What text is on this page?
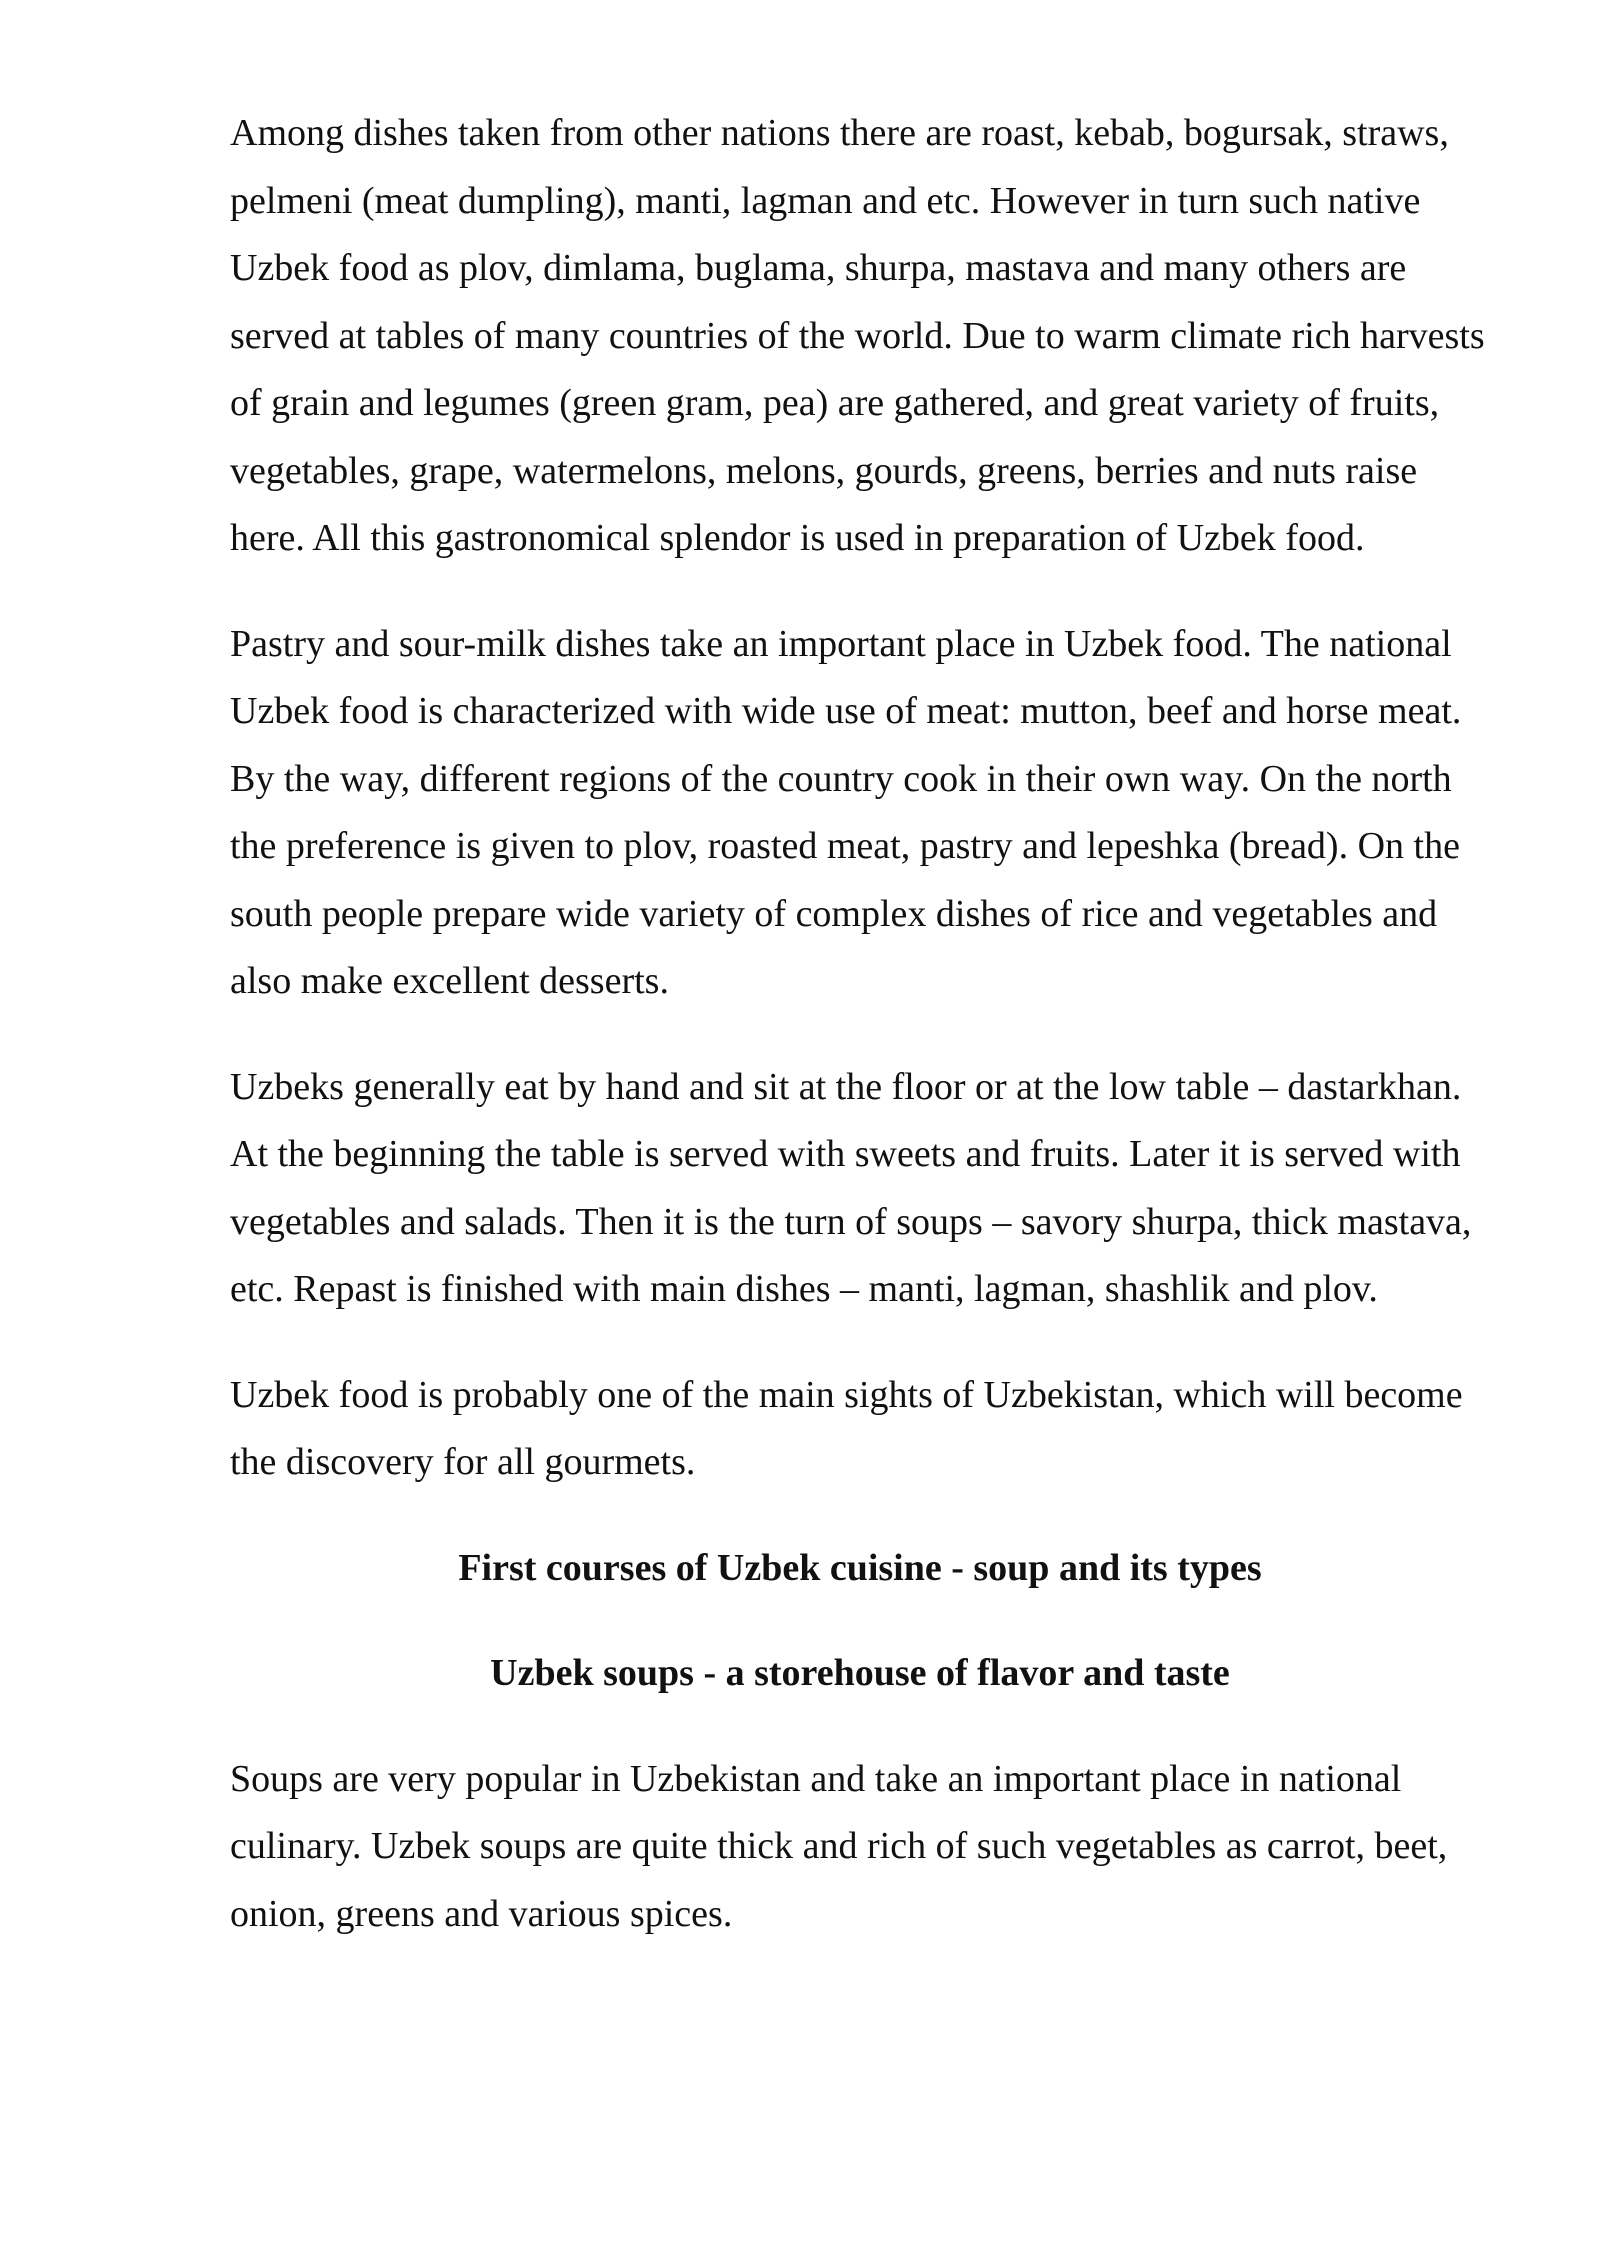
Among dishes taken from other nations there are roast, kebab, bogursak, straws, pelmeni (meat dumpling), manti, lagman and etc. However in turn such native Uzbek food as plov, dimlama, buglama, shurpa, mastava and many others are served at tables of many countries of the world. Due to warm climate rich harvests of grain and legumes (green gram, pea) are gathered, and great variety of fruits, vegetables, grape, watermelons, melons, gourds, greens, berries and nuts raise here. All this gastronomical splendor is used in preparation of Uzbek food.

Pastry and sour-milk dishes take an important place in Uzbek food. The national Uzbek food is characterized with wide use of meat: mutton, beef and horse meat. By the way, different regions of the country cook in their own way. On the north the preference is given to plov, roasted meat, pastry and lepeshka (bread). On the south people prepare wide variety of complex dishes of rice and vegetables and also make excellent desserts.

Uzbeks generally eat by hand and sit at the floor or at the low table – dastarkhan. At the beginning the table is served with sweets and fruits. Later it is served with vegetables and salads. Then it is the turn of soups – savory shurpa, thick mastava, etc. Repast is finished with main dishes – manti, lagman, shashlik and plov.

Uzbek food is probably one of the main sights of Uzbekistan, which will become the discovery for all gourmets.

First courses of Uzbek cuisine - soup and its types
Uzbek soups - a storehouse of flavor and taste

Soups are very popular in Uzbekistan and take an important place in national culinary. Uzbek soups are quite thick and rich of such vegetables as carrot, beet, onion, greens and various spices.
